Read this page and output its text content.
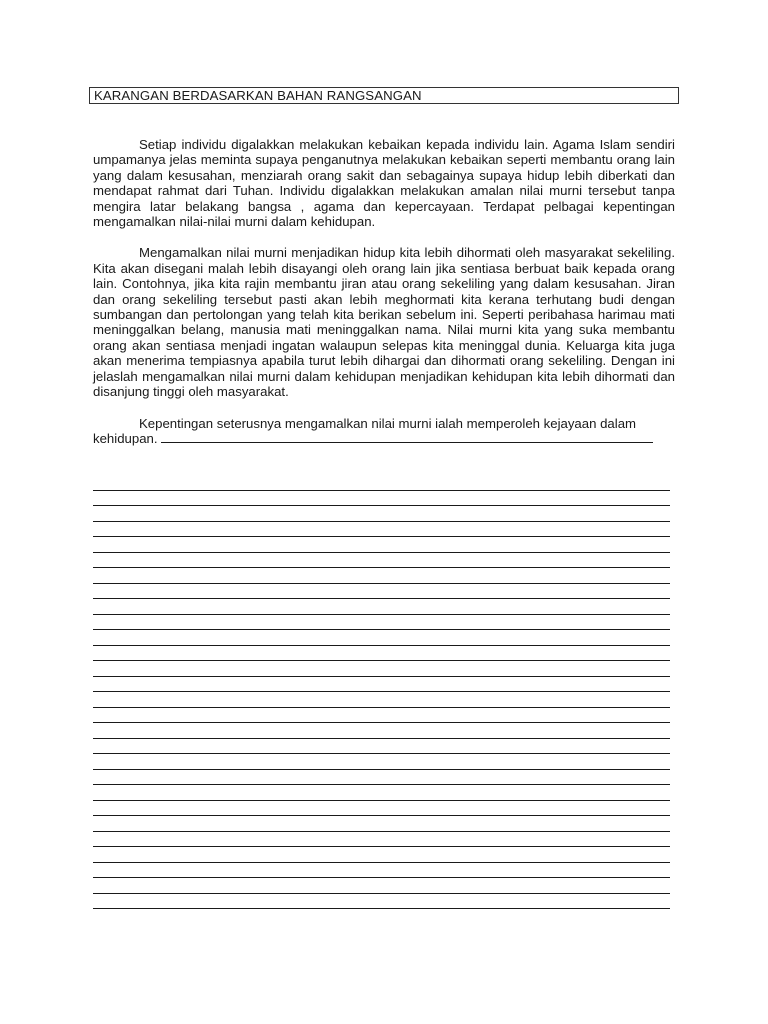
KARANGAN BERDASARKAN BAHAN RANGSANGAN

Setiap individu digalakkan melakukan kebaikan kepada individu lain. Agama Islam sendiri umpamanya jelas meminta supaya penganutnya melakukan kebaikan seperti membantu orang lain yang dalam kesusahan, menziarah orang sakit dan sebagainya supaya hidup lebih diberkati dan mendapat rahmat dari Tuhan. Individu digalakkan melakukan amalan nilai murni tersebut tanpa mengira latar belakang bangsa , agama dan kepercayaan. Terdapat pelbagai kepentingan mengamalkan nilai-nilai murni dalam kehidupan.

Mengamalkan nilai murni menjadikan hidup kita lebih dihormati oleh masyarakat sekeliling. Kita akan disegani malah lebih disayangi oleh orang lain jika sentiasa berbuat baik kepada orang lain. Contohnya, jika kita rajin membantu jiran atau orang sekeliling yang dalam kesusahan. Jiran dan orang sekeliling tersebut pasti akan lebih meghormati kita kerana terhutang budi dengan sumbangan dan pertolongan yang telah kita berikan sebelum ini. Seperti peribahasa harimau mati meninggalkan belang, manusia mati meninggalkan nama. Nilai murni kita yang suka membantu orang akan sentiasa menjadi ingatan walaupun selepas kita meninggal dunia. Keluarga kita juga akan menerima tempiasnya apabila turut lebih dihargai dan dihormati orang sekeliling. Dengan ini jelaslah mengamalkan nilai murni dalam kehidupan menjadikan kehidupan kita lebih dihormati dan disanjung tinggi oleh masyarakat.

Kepentingan seterusnya mengamalkan nilai murni ialah memperoleh kejayaan dalam kehidupan.
